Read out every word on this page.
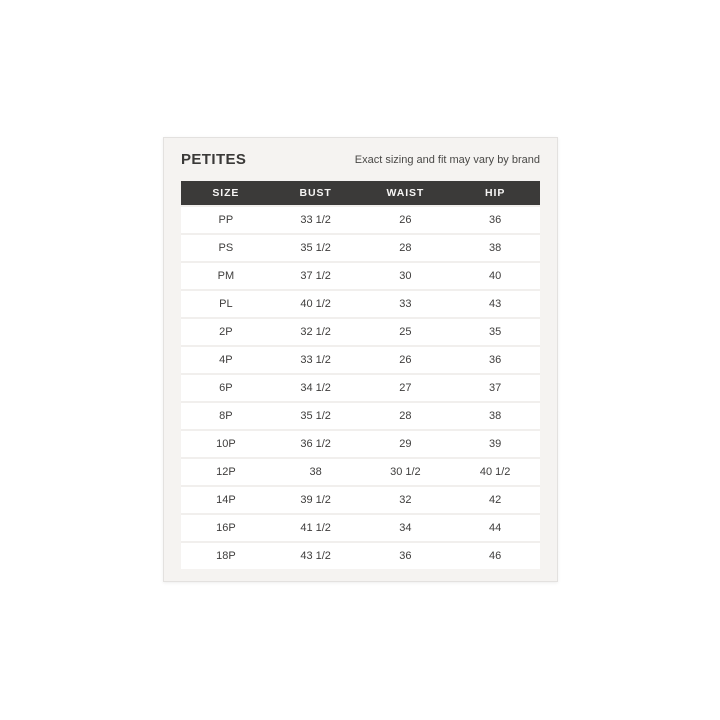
PETITES	Exact sizing and fit may vary by brand
SIZE	BUST	WAIST	HIP
PP	33 1/2	26	36
PS	35 1/2	28	38
PM	37 1/2	30	40
PL	40 1/2	33	43
2P	32 1/2	25	35
4P	33 1/2	26	36
6P	34 1/2	27	37
8P	35 1/2	28	38
10P	36 1/2	29	39
12P	38	30 1/2	40 1/2
14P	39 1/2	32	42
16P	41 1/2	34	44
18P	43 1/2	36	46
